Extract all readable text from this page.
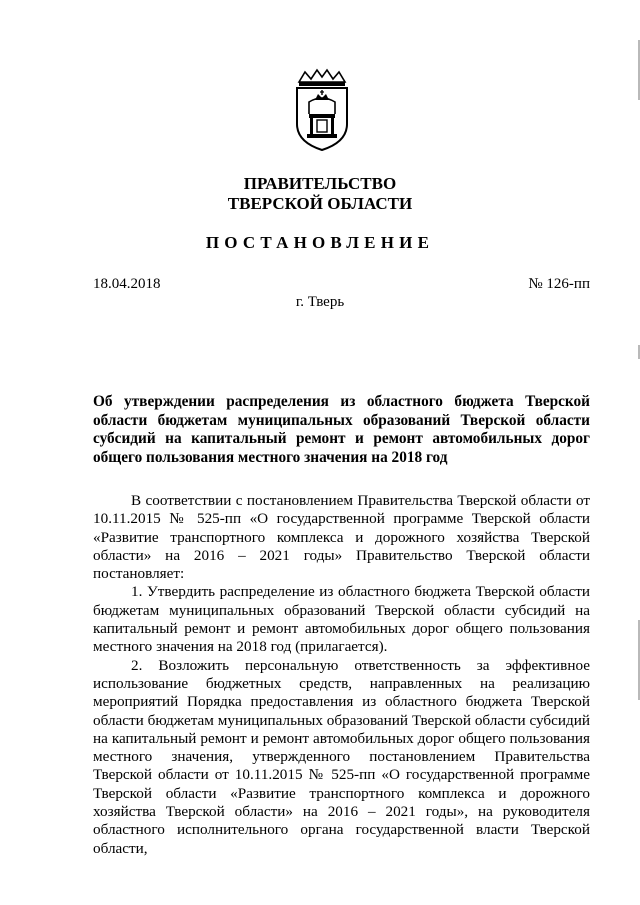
ПРАВИТЕЛЬСТВО
ТВЕРСКОЙ ОБЛАСТИ
ПОСТАНОВЛЕНИЕ
18.04.2018	№ 126-пп
г. Тверь
Об утверждении распределения из областного бюджета Тверской области бюджетам муниципальных образований Тверской области субсидий на капитальный ремонт и ремонт автомобильных дорог общего пользования местного значения на 2018 год

В соответствии с постановлением Правительства Тверской области от 10.11.2015 № 525-пп «О государственной программе Тверской области «Развитие транспортного комплекса и дорожного хозяйства Тверской области» на 2016 – 2021 годы» Правительство Тверской области постановляет:

1. Утвердить распределение из областного бюджета Тверской области бюджетам муниципальных образований Тверской области субсидий на капитальный ремонт и ремонт автомобильных дорог общего пользования местного значения на 2018 год (прилагается).

2. Возложить персональную ответственность за эффективное использование бюджетных средств, направленных на реализацию мероприятий Порядка предоставления из областного бюджета Тверской области бюджетам муниципальных образований Тверской области субсидий на капитальный ремонт и ремонт автомобильных дорог общего пользования местного значения, утвержденного постановлением Правительства Тверской области от 10.11.2015 № 525-пп «О государственной программе Тверской области «Развитие транспортного комплекса и дорожного хозяйства Тверской области» на 2016 – 2021 годы», на руководителя областного исполнительного органа государственной власти Тверской области,
